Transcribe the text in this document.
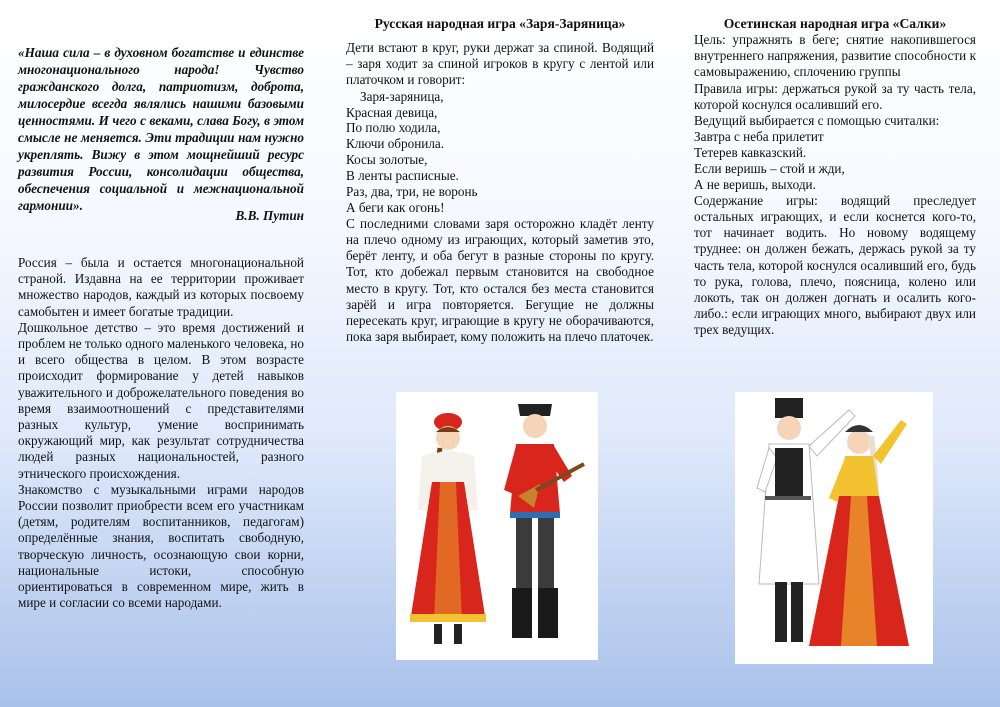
«Наша сила – в духовном богатстве и единстве многонационального народа! Чувство гражданского долга, патриотизм, доброта, милосердие всегда являлись нашими базовыми ценностями. И чего с веками, слава Богу, в этом смысле не меняется. Эти традиции нам нужно укреплять. Вижу в этом мощнейший ресурс развития России, консолидации общества, обеспечения социальной и межнациональной гармонии».

В.В. Путин

Россия – была и остается многонациональной страной. Издавна на ее территории проживает множество народов, каждый из которых посвоему самобытен и имеет богатые традиции.

Дошкольное детство – это время достижений и проблем не только одного маленького человека, но и всего общества в целом. В этом возрасте происходит формирование у детей навыков уважительного и доброжелательного поведения во время взаимоотношений с представителями разных культур, умение воспринимать окружающий мир, как результат сотрудничества людей разных национальностей, разного этнического происхождения.

Знакомство с музыкальными играми народов России позволит приобрести всем его участникам (детям, родителям воспитанников, педагогам) определённые знания, воспитать свободную, творческую личность, осознающую свои корни, национальные истоки, способную ориентироваться в современном мире, жить в мире и согласии со всеми народами.

Русская народная игра «Заря-Заряница»

Дети встают в круг, руки держат за спиной. Водящий – заря ходит за спиной игроков в кругу с лентой или платочком и говорит:

Заря-заряница,
Красная девица,
По полю ходила,
Ключи обронила.
Косы золотые,
В ленты расписные.
Раз, два, три, не воронь
А беги как огонь!

С последними словами заря осторожно кладёт ленту на плечо одному из играющих, который заметив это, берёт ленту, и оба бегут в разные стороны по кругу. Тот, кто добежал первым становится на свободное место в кругу. Тот, кто остался без места становится зарёй и игра повторяется. Бегущие не должны пересекать круг, играющие в кругу не оборачиваются, пока заря выбирает, кому положить на плечо платочек.

Осетинская народная игра «Салки»

Цель: упражнять в беге; снятие накопившегося внутреннего напряжения, развитие способности к самовыражению, сплочению группы

Правила игры: держаться рукой за ту часть тела, которой коснулся осаливший его.

Ведущий выбирается с помощью считалки:

Завтра с неба прилетит
Тетерев кавказский.
Если веришь – стой и жди,
А не веришь, выходи.

Содержание игры: водящий преследует остальных играющих, и если коснется кого-то, тот начинает водить. Но новому водящему труднее: он должен бежать, держась рукой за ту часть тела, которой коснулся осаливший его, будь то рука, голова, плечо, поясница, колено или локоть, так он должен догнать и осалить кого- либо.: если играющих много, выбирают двух или трех ведущих.
